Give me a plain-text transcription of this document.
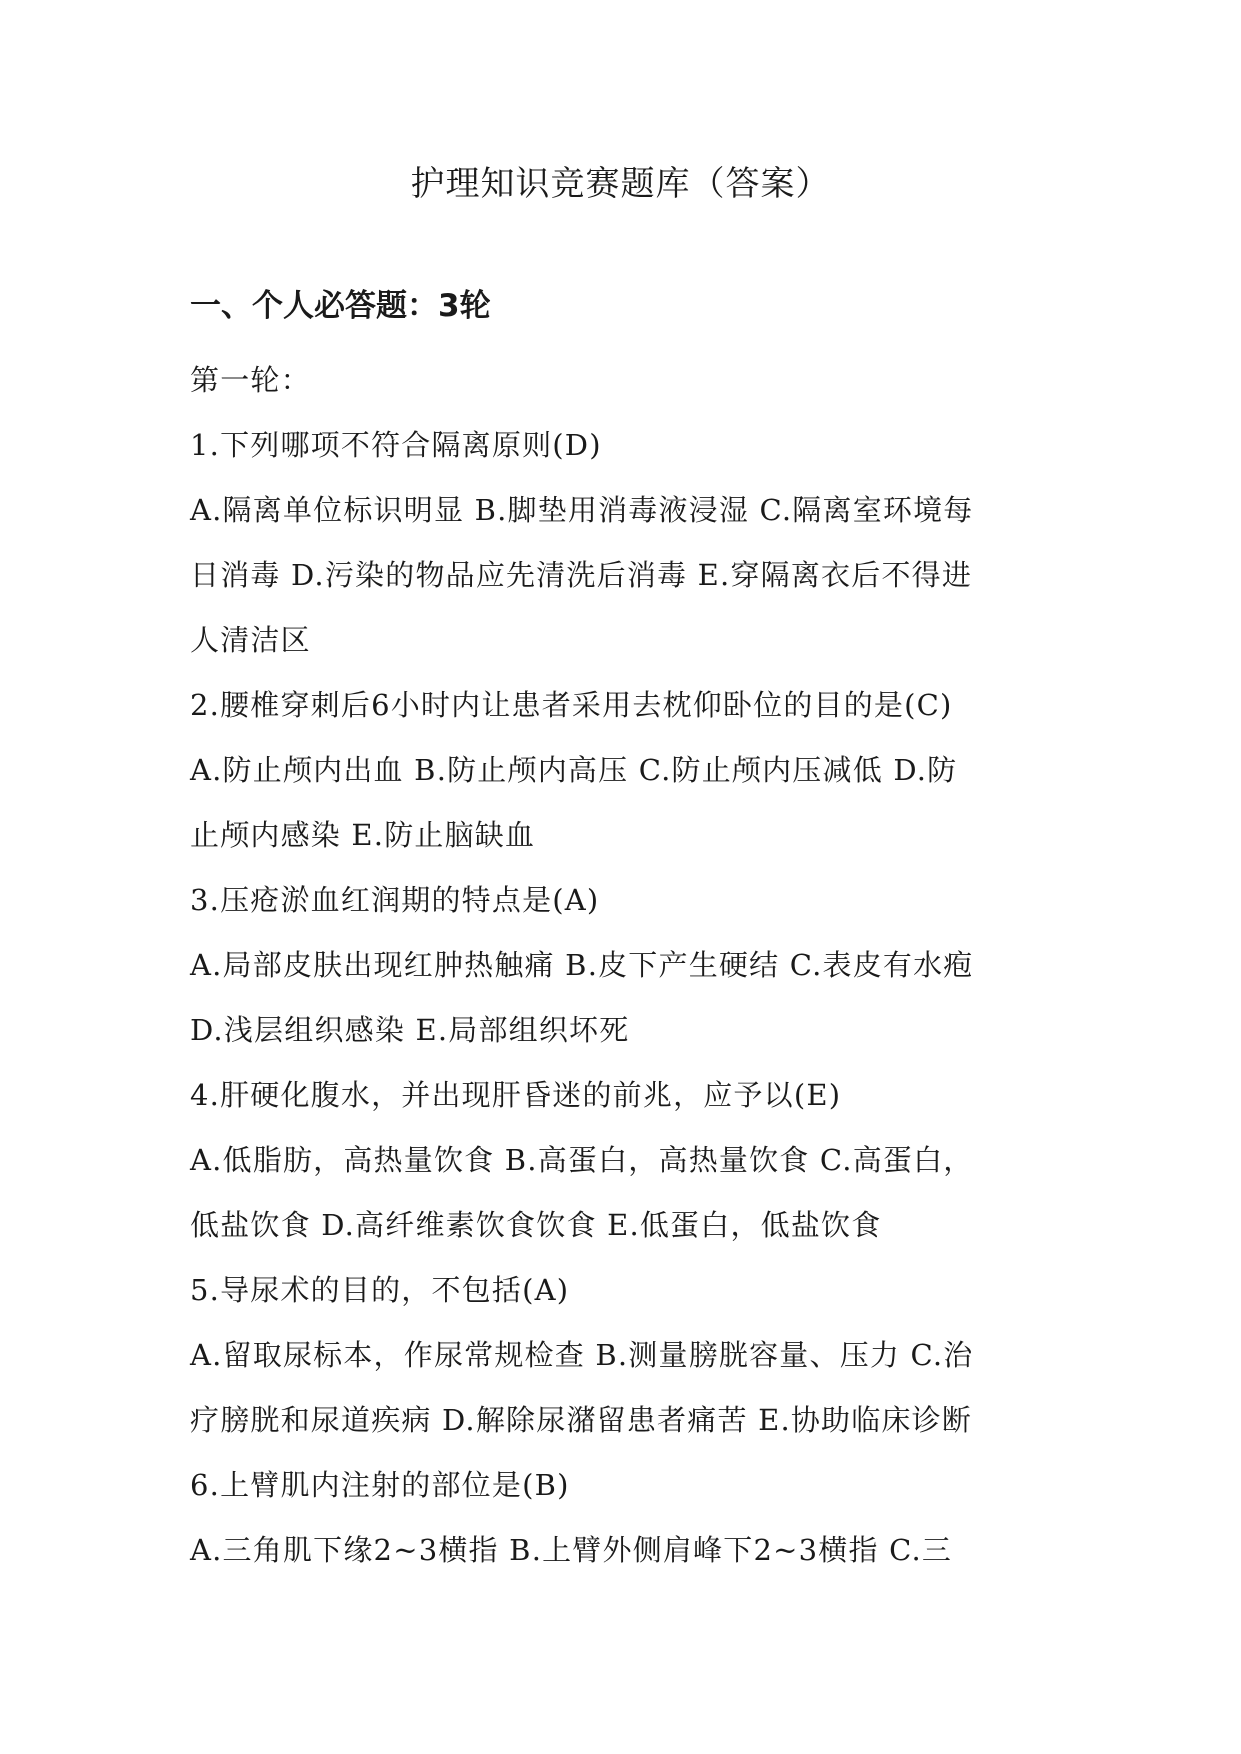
护理知识竞赛题库（答案）
一、个人必答题：3轮
第一轮：
1.下列哪项不符合隔离原则(D)
A.隔离单位标识明显 B.脚垫用消毒液浸湿 C.隔离室环境每
日消毒 D.污染的物品应先清洗后消毒 E.穿隔离衣后不得进
人清洁区
2.腰椎穿刺后6小时内让患者采用去枕仰卧位的目的是(C)
A.防止颅内出血 B.防止颅内高压 C.防止颅内压减低 D.防
止颅内感染 E.防止脑缺血
3.压疮淤血红润期的特点是(A)
A.局部皮肤出现红肿热触痛 B.皮下产生硬结 C.表皮有水疱
D.浅层组织感染 E.局部组织坏死
4.肝硬化腹水，并出现肝昏迷的前兆，应予以(E)
A.低脂肪，高热量饮食 B.高蛋白，高热量饮食 C.高蛋白，
低盐饮食 D.高纤维素饮食饮食 E.低蛋白，低盐饮食
5.导尿术的目的，不包括(A)
A.留取尿标本，作尿常规检查 B.测量膀胱容量、压力 C.治
疗膀胱和尿道疾病 D.解除尿潴留患者痛苦 E.协助临床诊断
6.上臂肌内注射的部位是(B)
A.三角肌下缘2~3横指 B.上臂外侧肩峰下2~3横指 C.三
